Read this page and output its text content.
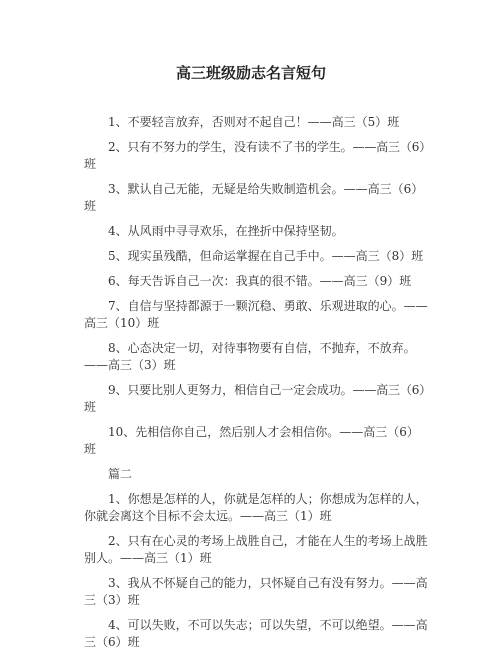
高三班级励志名言短句

1、不要轻言放弃，否则对不起自己！——高三（5）班

2、只有不努力的学生，没有读不了书的学生。——高三（6）班

3、默认自己无能，无疑是给失败制造机会。——高三（6）班

4、从风雨中寻寻欢乐，在挫折中保持坚韧。

5、现实虽残酷，但命运掌握在自己手中。——高三（8）班

6、每天告诉自己一次：我真的很不错。——高三（9）班

7、自信与坚持都源于一颗沉稳、勇敢、乐观进取的心。——高三（10）班

8、心态决定一切，对待事物要有自信，不抛弃，不放弃。——高三（3）班

9、只要比别人更努力，相信自己一定会成功。——高三（6）班

10、先相信你自己，然后别人才会相信你。——高三（6）班

篇二

1、你想是怎样的人，你就是怎样的人；你想成为怎样的人，你就会离这个目标不会太远。——高三（1）班

2、只有在心灵的考场上战胜自己，才能在人生的考场上战胜别人。——高三（1）班

3、我从不怀疑自己的能力，只怀疑自己有没有努力。——高三（3）班

4、可以失败，不可以失志；可以失望，不可以绝望。——高三（6）班
